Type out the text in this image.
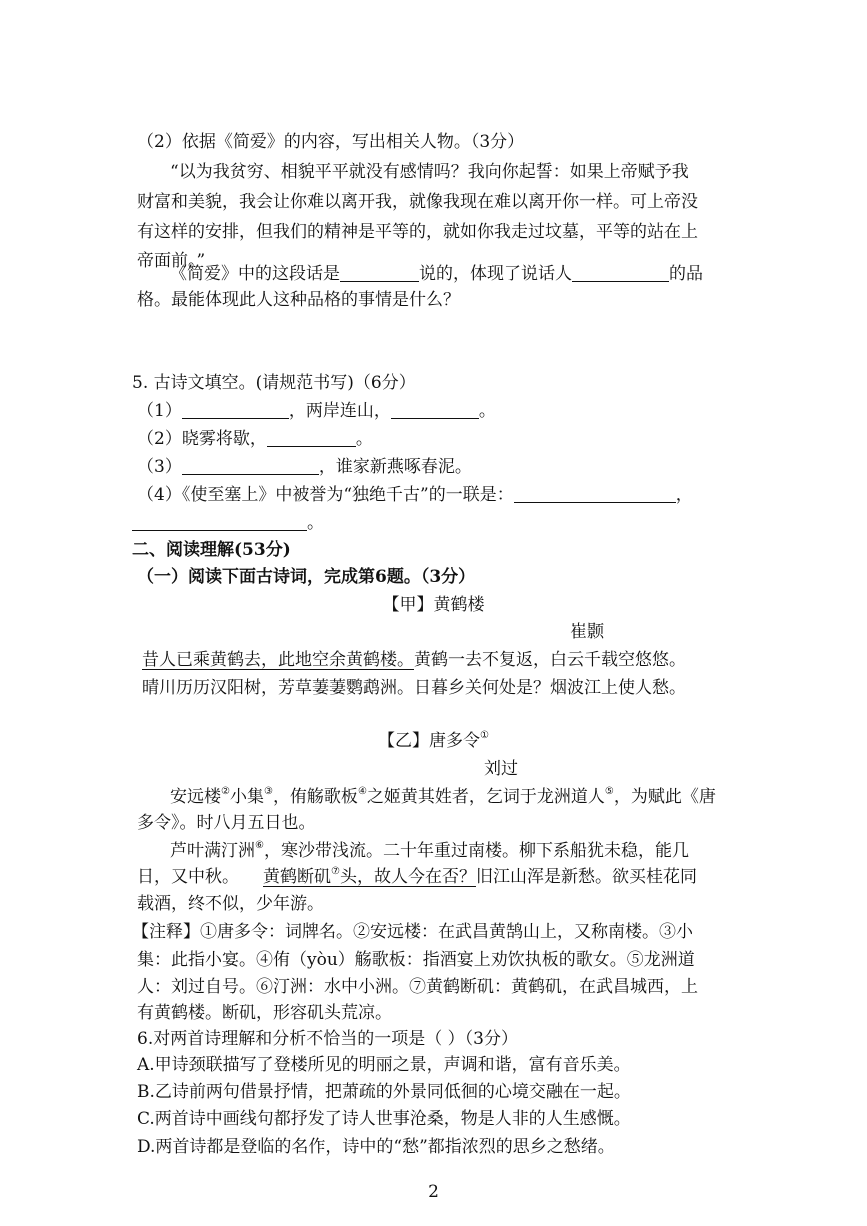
（2）依据《简爱》的内容，写出相关人物。（3分）
“以为我贫穷、相貌平平就没有感情吗？我向你起誓：如果上帝赋予我
财富和美貌，我会让你难以离开我，就像我现在难以离开你一样。可上帝没
有这样的安排，但我们的精神是平等的，就如你我走过坟墓，平等的站在上
帝面前。”
《简爱》中的这段话是	说的，体现了说话人	的品
格。最能体现此人这种品格的事情是什么？
5. 古诗文填空。(请规范书写)（6分）
（1）	，两岸连山，	。
（2）晓雾将歇，	。
（3）	，谁家新燕啄春泥。
（4）《使至塞上》中被誉为“独绝千古”的一联是：	，
。
二、阅读理解(53分)
（一）阅读下面古诗词，完成第6题。（3分）
【甲】黄鹤楼
崔颢
昔人已乘黄鹤去，此地空余黄鹤楼。黄鹤一去不复返，白云千载空悠悠。
晴川历历汉阳树，芳草萋萋鹦鹉洲。日暮乡关何处是？烟波江上使人愁。
【乙】唐多令①
刘过
安远楼②小集③，侑觞歌板④之姬黄其姓者，乞词于龙洲道人⑤，为赋此《唐
多令》。时八月五日也。
芦叶满汀洲⑥，寒沙带浅流。二十年重过南楼。柳下系船犹未稳，能几
日，又中秋。 黄鹤断矶⑦头，故人今在否？旧江山浑是新愁。欲买桂花同
载酒，终不似，少年游。
【注释】①唐多令：词牌名。②安远楼：在武昌黄鹄山上，又称南楼。③小
集：此指小宴。④侑（yòu）觞歌板：指酒宴上劝饮执板的歌女。⑤龙洲道
人：刘过自号。⑥汀洲：水中小洲。⑦黄鹤断矶：黄鹤矶，在武昌城西，上
有黄鹤楼。断矶，形容矶头荒凉。
6.对两首诗理解和分析不恰当的一项是（ ）（3分）
A.甲诗颈联描写了登楼所见的明丽之景，声调和谐，富有音乐美。
B.乙诗前两句借景抒情，把萧疏的外景同低徊的心境交融在一起。
C.两首诗中画线句都抒发了诗人世事沧桑，物是人非的人生感慨。
D.两首诗都是登临的名作，诗中的“愁”都指浓烈的思乡之愁绪。
2
